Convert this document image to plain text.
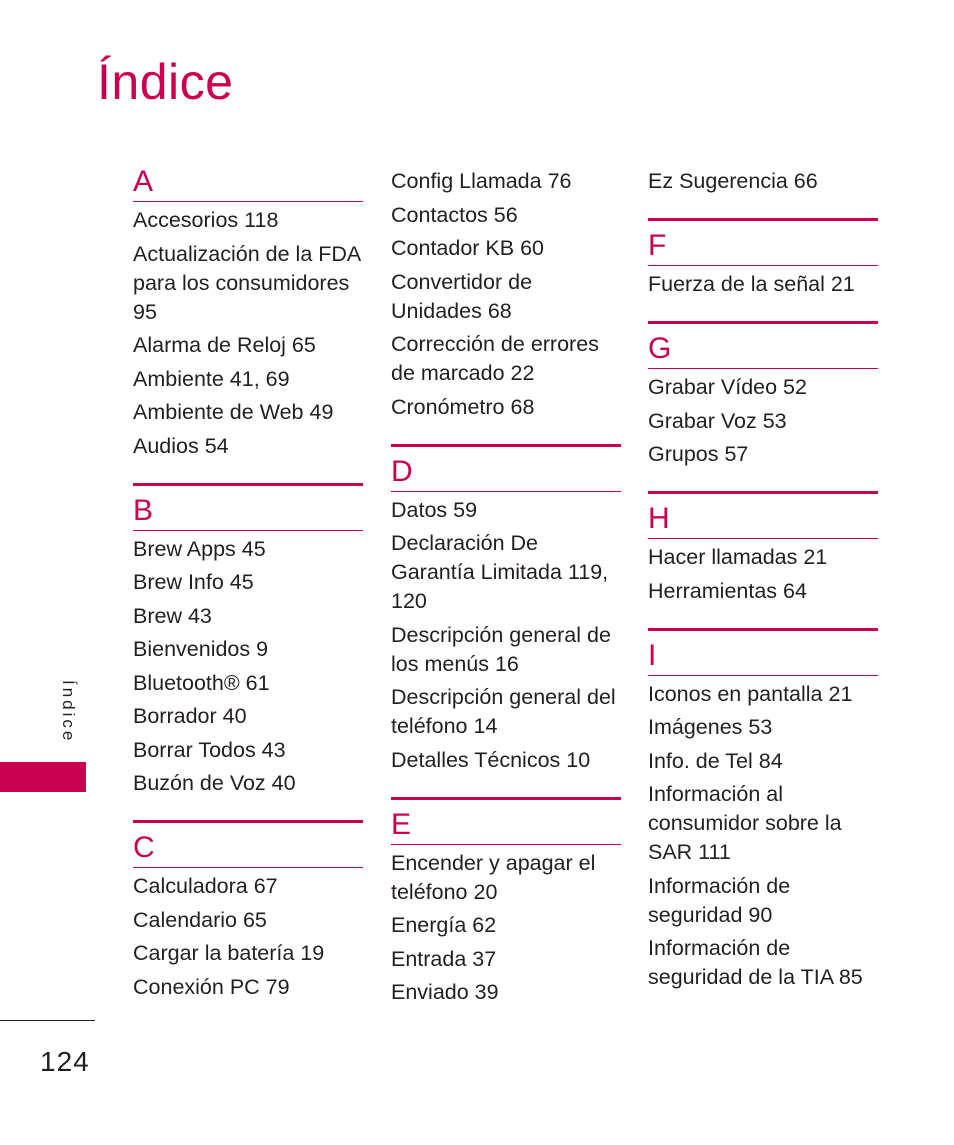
Índice
A
Accesorios 118
Actualización de la FDA para los consumidores 95
Alarma de Reloj 65
Ambiente 41, 69
Ambiente de Web 49
Audios 54
B
Brew Apps 45
Brew Info 45
Brew 43
Bienvenidos 9
Bluetooth® 61
Borrador 40
Borrar Todos 43
Buzón de Voz 40
C
Calculadora 67
Calendario 65
Cargar la batería 19
Conexión PC 79
Config Llamada 76
Contactos 56
Contador KB 60
Convertidor de Unidades 68
Corrección de errores de marcado 22
Cronómetro 68
D
Datos 59
Declaración De Garantía Limitada 119, 120
Descripción general de los menús 16
Descripción general del teléfono 14
Detalles Técnicos 10
E
Encender y apagar el teléfono 20
Energía 62
Entrada 37
Enviado 39
Ez Sugerencia 66
F
Fuerza de la señal 21
G
Grabar Vídeo 52
Grabar Voz 53
Grupos 57
H
Hacer llamadas 21
Herramientas 64
I
Iconos en pantalla 21
Imágenes 53
Info. de Tel 84
Información al consumidor sobre la SAR 111
Información de seguridad 90
Información de seguridad de la TIA 85
Índice
124
